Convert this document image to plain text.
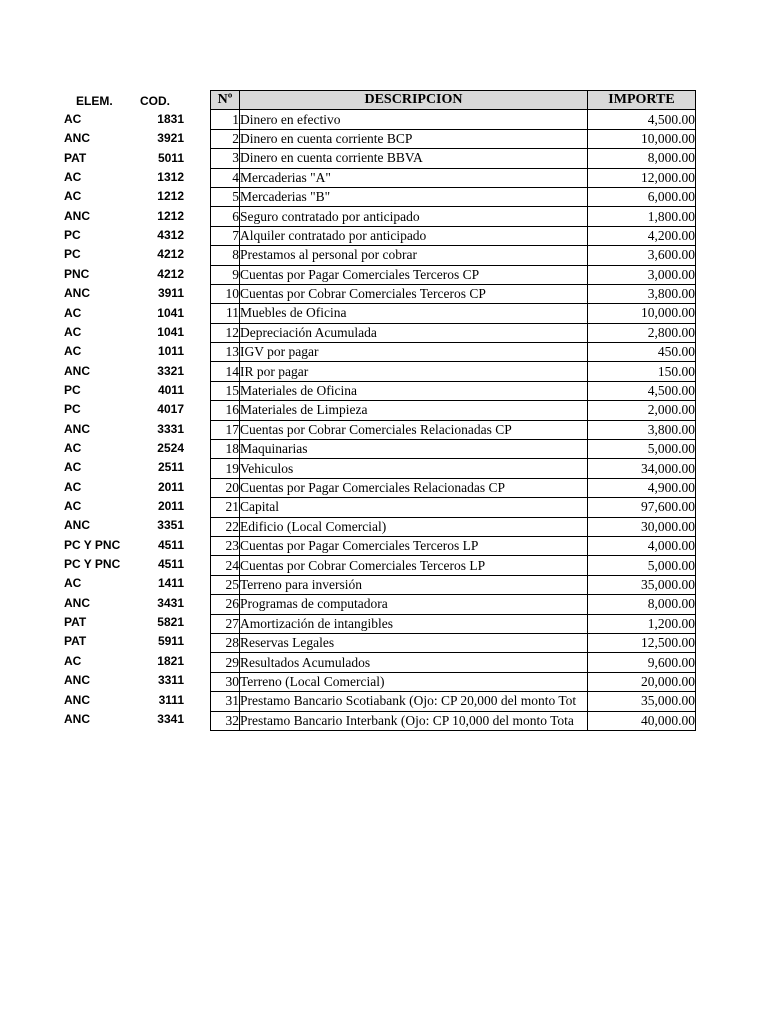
ELEM. COD.
AC	1831
ANC	3921
PAT	5011
AC	1312
AC	1212
ANC	1212
PC	4312
PC	4212
PNC	4212
ANC	3911
AC	1041
AC	1041
AC	1011
ANC	3321
PC	4011
PC	4017
ANC	3331
AC	2524
AC	2511
AC	2011
AC	2011
ANC	3351
PC Y PNC	4511
PC Y PNC	4511
AC	1411
ANC	3431
PAT	5821
PAT	5911
AC	1821
ANC	3311
ANC	3111
ANC	3341
Nº	DESCRIPCION	IMPORTE
1	Dinero en efectivo	4,500.00
2	Dinero en cuenta corriente BCP	10,000.00
3	Dinero en cuenta corriente BBVA	8,000.00
4	Mercaderias "A"	12,000.00
5	Mercaderias "B"	6,000.00
6	Seguro contratado por anticipado	1,800.00
7	Alquiler contratado por anticipado	4,200.00
8	Prestamos al personal por cobrar	3,600.00
9	Cuentas por Pagar Comerciales Terceros CP	3,000.00
10	Cuentas por Cobrar Comerciales Terceros CP	3,800.00
11	Muebles de Oficina	10,000.00
12	Depreciación Acumulada	2,800.00
13	IGV por pagar	450.00
14	IR por pagar	150.00
15	Materiales de Oficina	4,500.00
16	Materiales de Limpieza	2,000.00
17	Cuentas por Cobrar Comerciales Relacionadas CP	3,800.00
18	Maquinarias	5,000.00
19	Vehiculos	34,000.00
20	Cuentas por Pagar Comerciales Relacionadas CP	4,900.00
21	Capital	97,600.00
22	Edificio (Local Comercial)	30,000.00
23	Cuentas por Pagar Comerciales Terceros LP	4,000.00
24	Cuentas por Cobrar Comerciales Terceros LP	5,000.00
25	Terreno para inversión	35,000.00
26	Programas de computadora	8,000.00
27	Amortización de intangibles	1,200.00
28	Reservas Legales	12,500.00
29	Resultados Acumulados	9,600.00
30	Terreno (Local Comercial)	20,000.00
31	Prestamo Bancario Scotiabank (Ojo: CP 20,000 del monto Tot	35,000.00
32	Prestamo Bancario Interbank (Ojo: CP 10,000 del monto Tota	40,000.00
